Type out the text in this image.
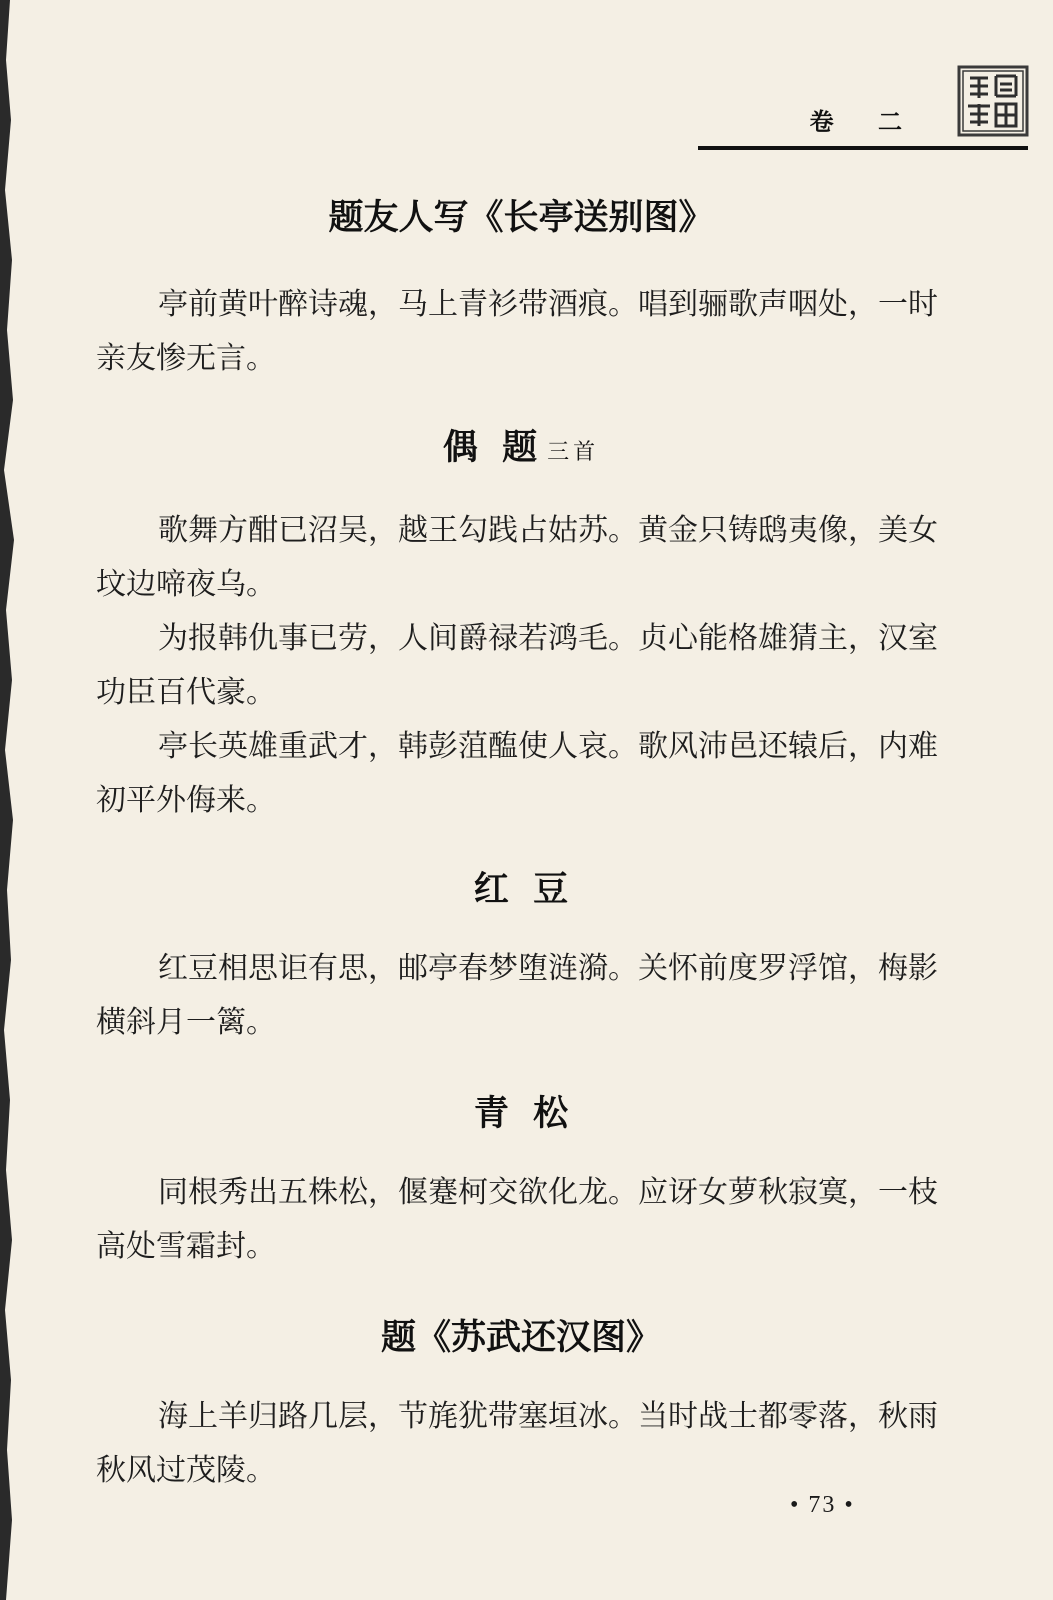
卷 二
题友人写《长亭送别图》

亭前黄叶醉诗魂，马上青衫带酒痕。唱到骊歌声咽处，一时亲友惨无言。

偶  题 三首

歌舞方酣已沼吴，越王勾践占姑苏。黄金只铸鸱夷像，美女坟边啼夜乌。

为报韩仇事已劳，人间爵禄若鸿毛。贞心能格雄猜主，汉室功臣百代豪。

亭长英雄重武才，韩彭菹醢使人哀。歌风沛邑还辕后，内难初平外侮来。

红  豆

红豆相思讵有思，邮亭春梦堕涟漪。关怀前度罗浮馆，梅影横斜月一篱。

青  松

同根秀出五株松，偃蹇柯交欲化龙。应讶女萝秋寂寞，一枝高处雪霜封。

题《苏武还汉图》

海上羊归路几层，节旄犹带塞垣冰。当时战士都零落，秋雨秋风过茂陵。

• 73 •
